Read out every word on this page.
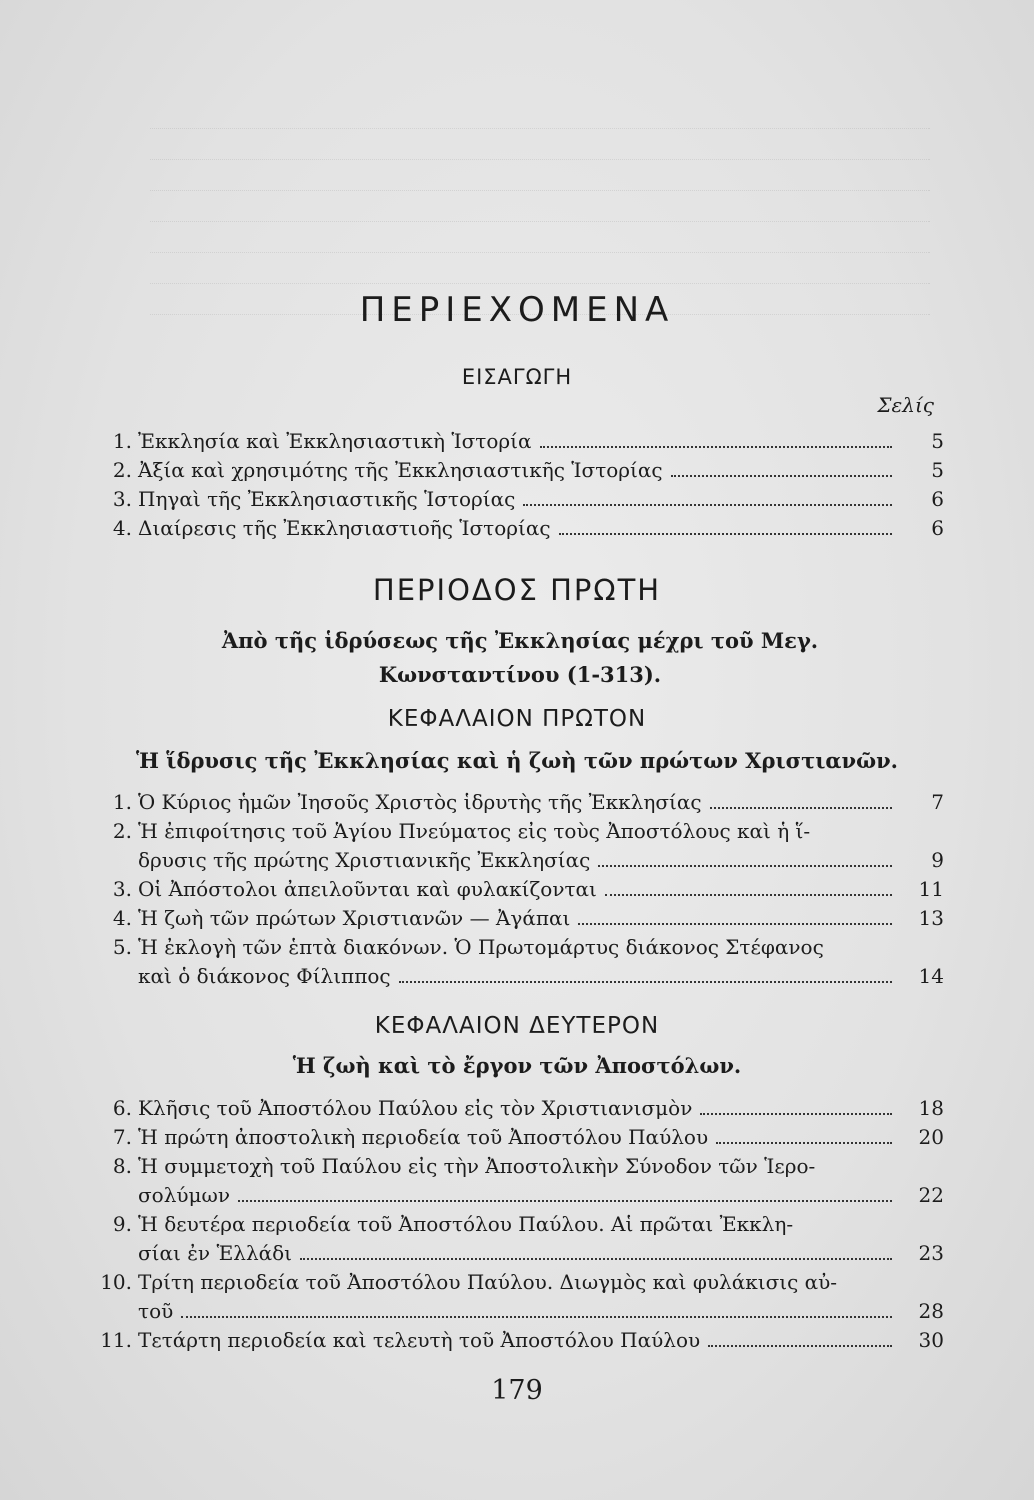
ΠΕΡΙΕΧΟΜΕΝΑ
ΕΙΣΑΓΩΓΗ
Σελίς
1. Ἐκκλησία καὶ Ἐκκλησιαστικὴ Ἱστορία	5
2. Ἀξία καὶ χρησιμότης τῆς Ἐκκλησιαστικῆς Ἱστορίας	5
3. Πηγαὶ τῆς Ἐκκλησιαστικῆς Ἱστορίας	6
4. Διαίρεσις τῆς Ἐκκλησιαστιοῆς Ἱστορίας	6
ΠΕΡΙΟΔΟΣ ΠΡΩΤΗ
Ἀπὸ τῆς ἱδρύσεως τῆς Ἐκκλησίας μέχρι τοῦ Μεγ. Κωνσταντίνου (1-313).
ΚΕΦΑΛΑΙΟΝ ΠΡΩΤΟΝ
Ἡ ἵδρυσις τῆς Ἐκκλησίας καὶ ἡ ζωὴ τῶν πρώτων Χριστιανῶν.
1. Ὁ Κύριος ἡμῶν Ἰησοῦς Χριστὸς ἱδρυτὴς τῆς Ἐκκλησίας	7
2. Ἡ ἐπιφοίτησις τοῦ Ἁγίου Πνεύματος εἰς τοὺς Ἀποστόλους καὶ ἡ ἵ-
δρυσις τῆς πρώτης Χριστιανικῆς Ἐκκλησίας	9
3. Οἱ Ἀπόστολοι ἀπειλοῦνται καὶ φυλακίζονται	11
4. Ἡ ζωὴ τῶν πρώτων Χριστιανῶν — Ἀγάπαι	13
5. Ἡ ἐκλογὴ τῶν ἑπτὰ διακόνων. Ὁ Πρωτομάρτυς διάκονος Στέφανος
καὶ ὁ διάκονος Φίλιππος	14
ΚΕΦΑΛΑΙΟΝ ΔΕΥΤΕΡΟΝ
Ἡ ζωὴ καὶ τὸ ἔργον τῶν Ἀποστόλων.
6. Κλῆσις τοῦ Ἀποστόλου Παύλου εἰς τὸν Χριστιανισμὸν	18
7. Ἡ πρώτη ἀποστολικὴ περιοδεία τοῦ Ἀποστόλου Παύλου	20
8. Ἡ συμμετοχὴ τοῦ Παύλου εἰς τὴν Ἀποστολικὴν Σύνοδον τῶν Ἱερο-
σολύμων	22
9. Ἡ δευτέρα περιοδεία τοῦ Ἀποστόλου Παύλου. Αἱ πρῶται Ἐκκλη-
σίαι ἐν Ἑλλάδι	23
10. Τρίτη περιοδεία τοῦ Ἀποστόλου Παύλου. Διωγμὸς καὶ φυλάκισις αὐ-
τοῦ	28
11. Τετάρτη περιοδεία καὶ τελευτὴ τοῦ Ἀποστόλου Παύλου	30
179
